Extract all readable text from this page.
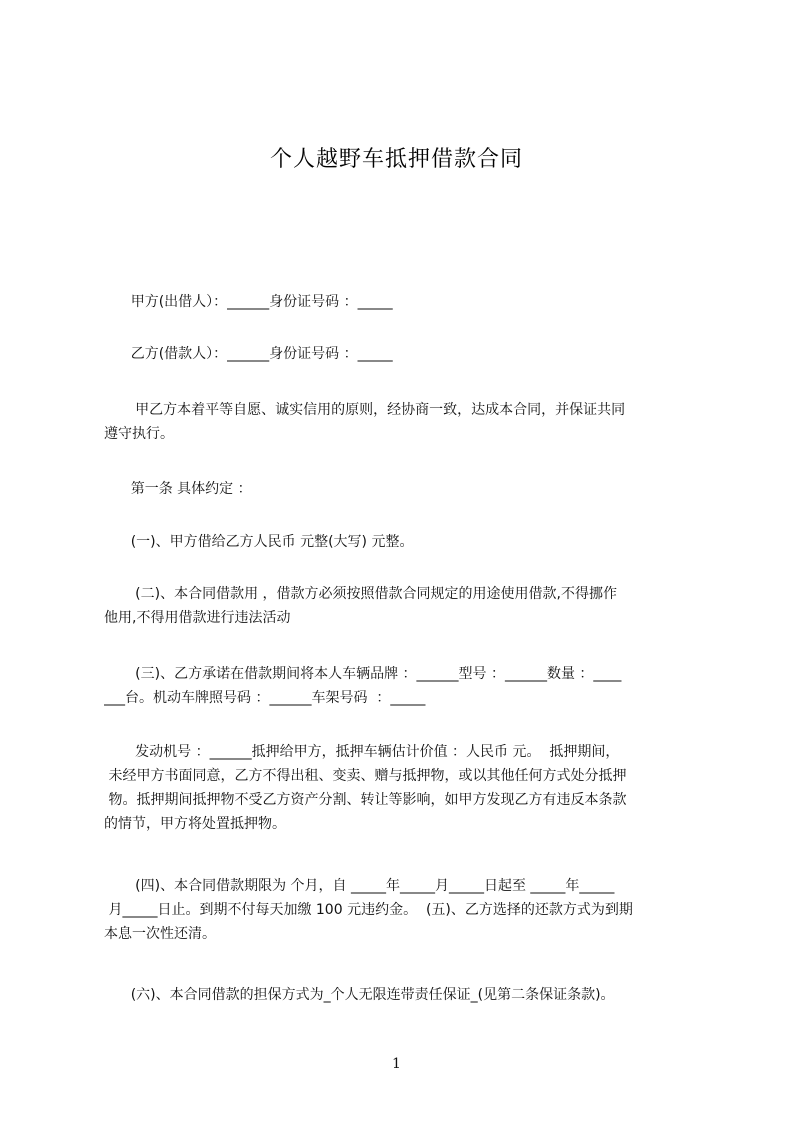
个人越野车抵押借款合同
甲方(出借人）：______身份证号码 ：_____
乙方(借款人）：______身份证号码 ：_____
甲乙方本着平等自愿、诚实信用的原则，经协商一致，达成本合同，并保证共同
遵守执行。
第一条 具体约定 ：
(一)、甲方借给乙方人民币 元整(大写) 元整。
(二)、本合同借款用 ，借款方必须按照借款合同规定的用途使用借款,不得挪作
他用,不得用借款进行违法活动
(三)、乙方承诺在借款期间将本人车辆品牌 ：______型号 ：______数量 ：____
___台。机动车牌照号码 ：______车架号码  ：_____
发动机号 ：______抵押给甲方，抵押车辆估计价值 ：人民币 元。  抵押期间，
未经甲方书面同意，乙方不得出租、变卖、赠与抵押物，或以其他任何方式处分抵押
物。抵押期间抵押物不受乙方资产分割、转让等影响，如甲方发现乙方有违反本条款
的情节，甲方将处置抵押物。
(四)、本合同借款期限为 个月，自 _____年_____月_____日起至 _____年_____
月_____日止。到期不付每天加缴 100 元违约金。  (五)、乙方选择的还款方式为到期
本息一次性还清。
(六)、本合同借款的担保方式为_个人无限连带责任保证_(见第二条保证条款)。
1
